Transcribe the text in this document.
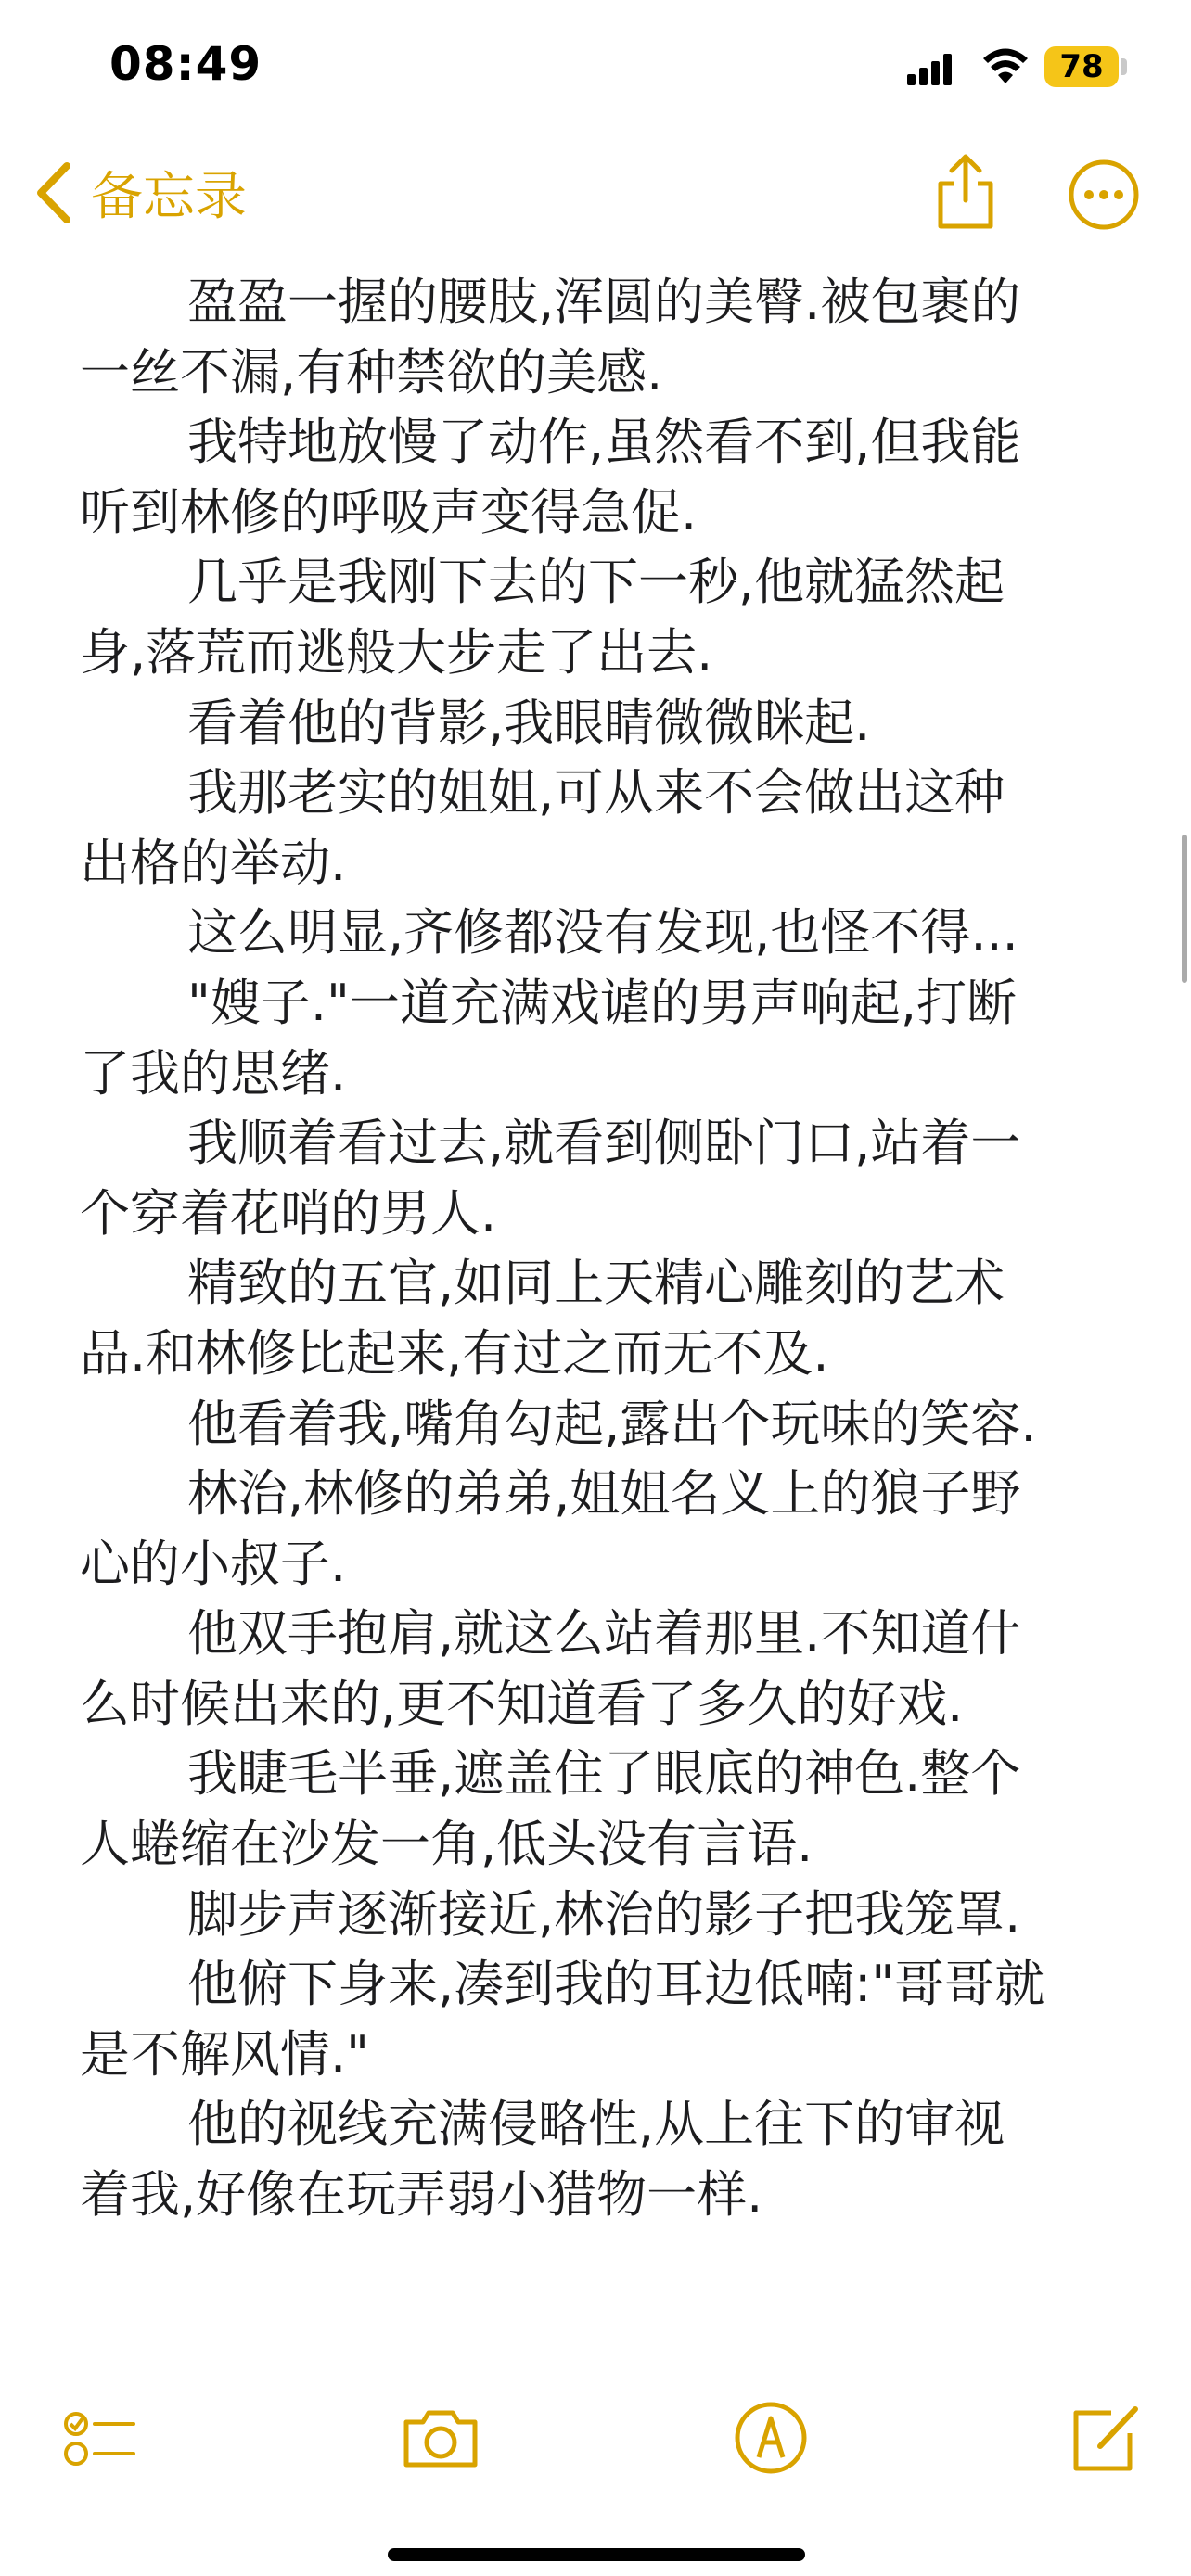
08:49	78
备忘录
盈盈一握的腰肢,浑圆的美臀.被包裹的
一丝不漏,有种禁欲的美感.
我特地放慢了动作,虽然看不到,但我能
听到林修的呼吸声变得急促.
几乎是我刚下去的下一秒,他就猛然起
身,落荒而逃般大步走了出去.
看着他的背影,我眼睛微微眯起.
我那老实的姐姐,可从来不会做出这种
出格的举动.
这么明显,齐修都没有发现,也怪不得...
"嫂子."一道充满戏谑的男声响起,打断
了我的思绪.
我顺着看过去,就看到侧卧门口,站着一
个穿着花哨的男人.
精致的五官,如同上天精心雕刻的艺术
品.和林修比起来,有过之而无不及.
他看着我,嘴角勾起,露出个玩味的笑容.
林治,林修的弟弟,姐姐名义上的狼子野
心的小叔子.
他双手抱肩,就这么站着那里.不知道什
么时候出来的,更不知道看了多久的好戏.
我睫毛半垂,遮盖住了眼底的神色.整个
人蜷缩在沙发一角,低头没有言语.
脚步声逐渐接近,林治的影子把我笼罩.
他俯下身来,凑到我的耳边低喃:"哥哥就
是不解风情."
他的视线充满侵略性,从上往下的审视
着我,好像在玩弄弱小猎物一样.
